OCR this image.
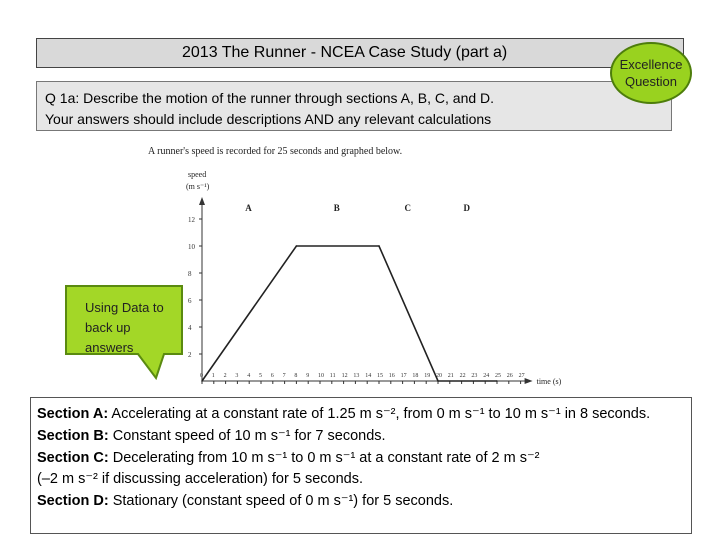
2013 The Runner - NCEA Case Study (part a)
Q 1a: Describe the motion of the runner through sections A, B, C, and D.
Your answers should include descriptions AND any relevant calculations
Excellence
Question
A runner's speed is recorded for 25 seconds and graphed below.
speed
(m s⁻¹)
time (s)
2
4
6
8
10
12
0 1 2 3 4 5 6 7 8 9 10 11 12 13 14 15 16 17 18 19 20 21 22 23 24 25 26 27
A	B	C	D
Using Data to
back up
answers

Section A: Accelerating at a constant rate of 1.25 m s⁻², from 0 m s⁻¹ to 10 m s⁻¹ in 8 seconds.

Section B: Constant speed of 10 m s⁻¹ for 7 seconds.

Section C: Decelerating from 10 m s⁻¹ to 0 m s⁻¹ at a constant rate of 2 m s⁻²

(–2 m s⁻² if discussing acceleration) for 5 seconds.

Section D: Stationary (constant speed of 0 m s⁻¹) for 5 seconds.
